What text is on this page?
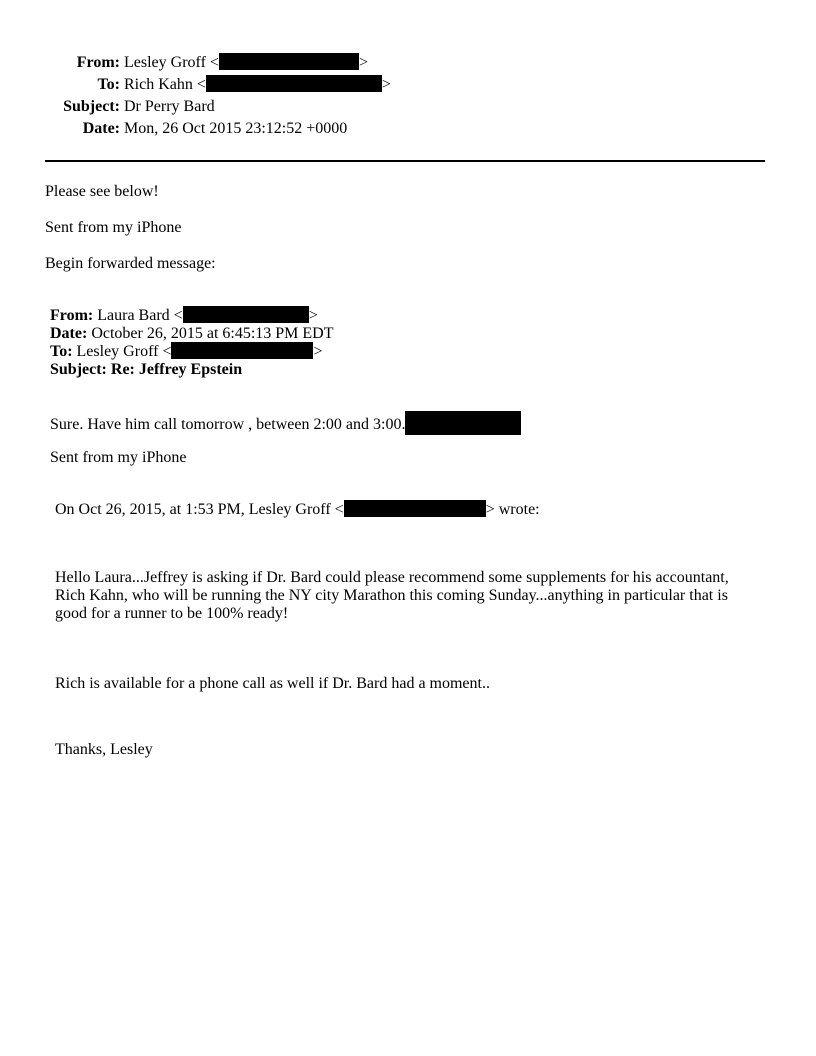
From: Lesley Groff <	>
To: Rich Kahn <	>
Subject: Dr Perry Bard
Date: Mon, 26 Oct 2015 23:12:52 +0000
Please see below!
Sent from my iPhone
Begin forwarded message:
From: Laura Bard <	>
Date: October 26, 2015 at 6:45:13 PM EDT
To: Lesley Groff <	>
Subject: Re: Jeffrey Epstein
Sure. Have him call tomorrow , between 2:00 and 3:00.
Sent from my iPhone
On Oct 26, 2015, at 1:53 PM, Lesley Groff <	> wrote:
Hello Laura...Jeffrey is asking if Dr. Bard could please recommend some supplements for his accountant, Rich Kahn, who will be running the NY city Marathon this coming Sunday...anything in particular that is good for a runner to be 100% ready!
Rich is available for a phone call as well if Dr. Bard had a moment..
Thanks, Lesley
